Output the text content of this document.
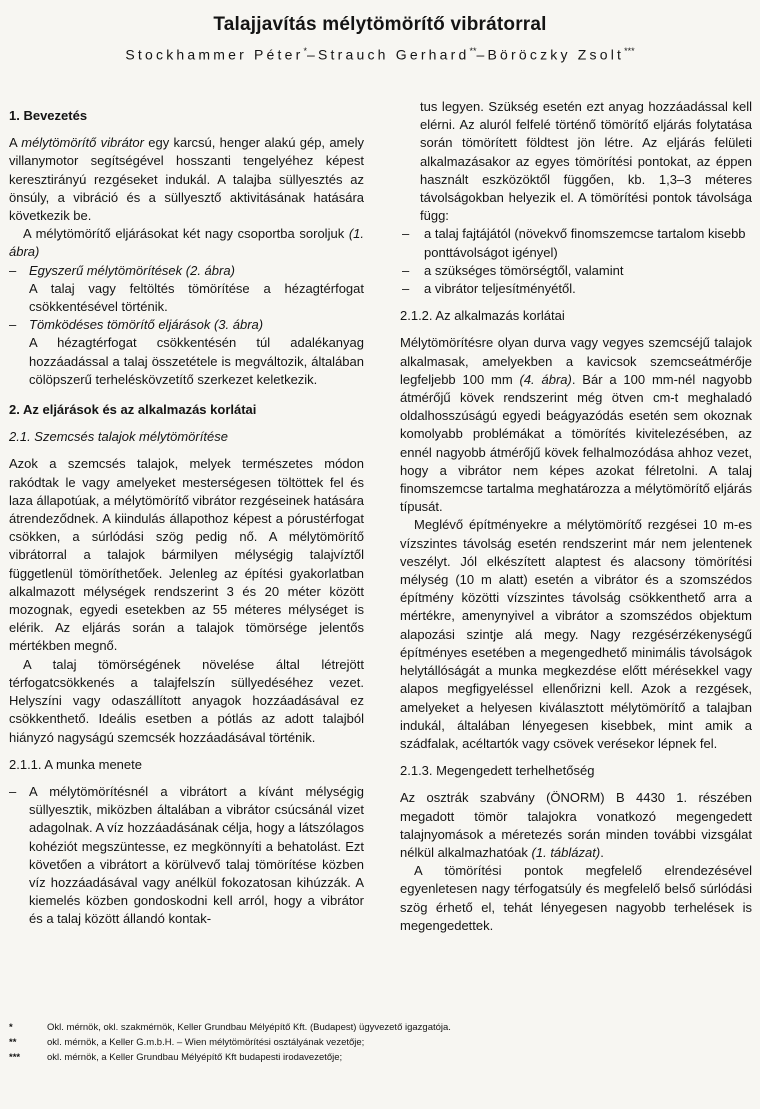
Talajjavítás mélytömörítő vibrátorral
Stockhammer Péter*–Strauch Gerhard**–Böröczky Zsolt***

1. Bevezetés

A mélytömörítő vibrátor egy karcsú, henger alakú gép, amely villanymotor segítségével hosszanti tengelyéhez képest keresztirányú rezgéseket indukál. A talajba süllyesztés az önsúly, a vibráció és a süllyesztő aktivitásának hatására következik be.

A mélytömörítő eljárásokat két nagy csoportba soroljuk (1. ábra)

– Egyszerű mélytömörítések (2. ábra)

A talaj vagy feltöltés tömörítése a hézagtérfogat csökkentésével történik.

– Tömködéses tömörítő eljárások (3. ábra)

A hézagtérfogat csökkentésén túl adalékanyag hozzáadással a talaj összetétele is megváltozik, általában cölöpszerű terheléskövzetítő szerkezet keletkezik.

2. Az eljárások és az alkalmazás korlátai

2.1. Szemcsés talajok mélytömörítése

Azok a szemcsés talajok, melyek természetes módon rakódtak le vagy amelyeket mesterségesen töltöttek fel és laza állapotúak, a mélytömörítő vibrátor rezgéseinek hatására átrendeződnek. A kiindulás állapothoz képest a pórustérfogat csökken, a súrlódási szög pedig nő. A mélytömörítő vibrátorral a talajok bármilyen mélységig talajvíztől függetlenül tömöríthetőek. Jelenleg az építési gyakorlatban alkalmazott mélységek rendszerint 3 és 20 méter között mozognak, egyedi esetekben az 55 méteres mélységet is elérik. Az eljárás során a talajok tömörsége jelentős mértékben megnő.

A talaj tömörségének növelése által létrejött térfogatcsökkenés a talajfelszín süllyedéséhez vezet. Helyszíni vagy odaszállított anyagok hozzáadásával ez csökkenthető. Ideális esetben a pótlás az adott talajból hiányzó nagyságú szemcsék hozzáadásával történik.

2.1.1. A munka menete

– A mélytömörítésnél a vibrátort a kívánt mélységig süllyesztik, miközben általában a vibrátor csúcsánál vizet adagolnak. A víz hozzáadásának célja, hogy a látszólagos kohéziót megszüntesse, ez megkönnyíti a behatolást. Ezt követően a vibrátort a körülvevő talaj tömörítése közben víz hozzáadásával vagy anélkül fokozatosan kihúzzák. A kiemelés közben gondoskodni kell arról, hogy a vibrátor és a talaj között állandó kontak-

tus legyen. Szükség esetén ezt anyag hozzáadással kell elérni. Az aluról felfelé történő tömörítő eljárás folytatása során tömörített földtest jön létre. Az eljárás felületi alkalmazásakor az egyes tömörítési pontokat, az éppen használt eszközöktől függően, kb. 1,3–3 méteres távolságokban helyezik el. A tömörítési pontok távolsága függ:

–	a talaj fajtájától (növekvő finomszemcse tartalom kisebb ponttávolságot igényel)
–	a szükséges tömörségtől, valamint
–	a vibrátor teljesítményétől.

2.1.2. Az alkalmazás korlátai

Mélytömörítésre olyan durva vagy vegyes szemcséjű talajok alkalmasak, amelyekben a kavicsok szemcseátmérője legfeljebb 100 mm (4. ábra). Bár a 100 mm-nél nagyobb átmérőjű kövek rendszerint még ötven cm-t meghaladó oldalhosszúságú egyedi beágyazódás esetén sem okoznak komolyabb problémákat a tömörítés kivitelezésében, az ennél nagyobb átmérőjű kövek felhalmozódása ahhoz vezet, hogy a vibrátor nem képes azokat félretolni. A talaj finomszemcse tartalma meghatározza a mélytömörítő eljárás típusát.

Meglévő építményekre a mélytömörítő rezgései 10 m-es vízszintes távolság esetén rendszerint már nem jelentenek veszélyt. Jól elkészített alaptest és alacsony tömörítési mélység (10 m alatt) esetén a vibrátor és a szomszédos építmény közötti vízszintes távolság csökkenthető arra a mértékre, amenynyivel a vibrátor a szomszédos objektum alapozási szintje alá megy. Nagy rezgésérzékenységű építményes esetében a megengedhető minimális távolságok helytállóságát a munka megkezdése előtt mérésekkel vagy alapos megfigyeléssel ellenőrizni kell. Azok a rezgések, amelyeket a helyesen kiválasztott mélytömörítő a talajban indukál, általában lényegesen kisebbek, mint amik a szádfalak, acéltartók vagy csövek verésekor lépnek fel.

2.1.3. Megengedett terhelhetőség

Az osztrák szabvány (ÖNORM) B 4430 1. részében megadott tömör talajokra vonatkozó megengedett talajnyomások a méretezés során minden további vizsgálat nélkül alkalmazhatóak (1. táblázat).

A tömörítési pontok megfelelő elrendezésével egyenletesen nagy térfogatsúly és megfelelő belső súrlódási szög érhető el, tehát lényegesen nagyobb terhelések is megengedettek.

*	Okl. mérnök, okl. szakmérnök, Keller Grundbau Mélyépítő Kft. (Budapest) ügyvezető igazgatója.
**	okl. mérnök, a Keller G.m.b.H. – Wien mélytömörítési osztályának vezetője;
***	okl. mérnök, a Keller Grundbau Mélyépítő Kft budapesti irodavezetője;
